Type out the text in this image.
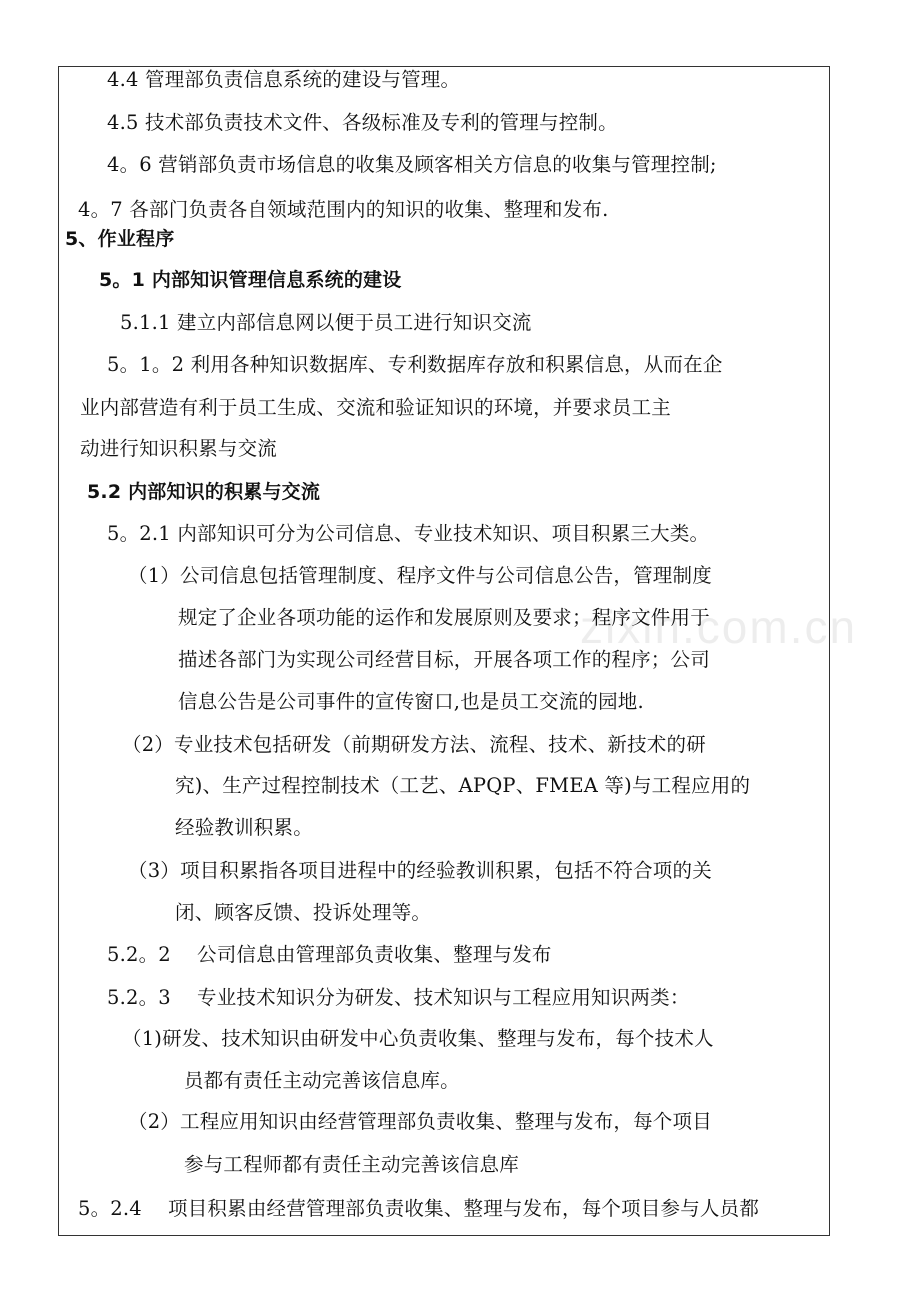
zixin.com.cn
4.4 管理部负责信息系统的建设与管理。
4.5 技术部负责技术文件、各级标准及专利的管理与控制。
4。6 营销部负责市场信息的收集及顾客相关方信息的收集与管理控制;
4。7 各部门负责各自领域范围内的知识的收集、整理和发布.
5、作业程序
5。1 内部知识管理信息系统的建设
5.1.1 建立内部信息网以便于员工进行知识交流
5。1。2 利用各种知识数据库、专利数据库存放和积累信息，从而在企
业内部营造有利于员工生成、交流和验证知识的环境，并要求员工主
动进行知识积累与交流
5.2 内部知识的积累与交流
5。2.1 内部知识可分为公司信息、专业技术知识、项目积累三大类。
（1）公司信息包括管理制度、程序文件与公司信息公告，管理制度
规定了企业各项功能的运作和发展原则及要求；程序文件用于
描述各部门为实现公司经营目标，开展各项工作的程序；公司
信息公告是公司事件的宣传窗口,也是员工交流的园地.
（2）专业技术包括研发（前期研发方法、流程、技术、新技术的研
究)、生产过程控制技术（工艺、APQP、FMEA 等)与工程应用的
经验教训积累。
（3）项目积累指各项目进程中的经验教训积累，包括不符合项的关
闭、顾客反馈、投诉处理等。
5.2。2　 公司信息由管理部负责收集、整理与发布
5.2。3　 专业技术知识分为研发、技术知识与工程应用知识两类：
（1)研发、技术知识由研发中心负责收集、整理与发布，每个技术人
员都有责任主动完善该信息库。
（2）工程应用知识由经营管理部负责收集、整理与发布，每个项目
参与工程师都有责任主动完善该信息库
5。2.4　 项目积累由经营管理部负责收集、整理与发布，每个项目参与人员都
